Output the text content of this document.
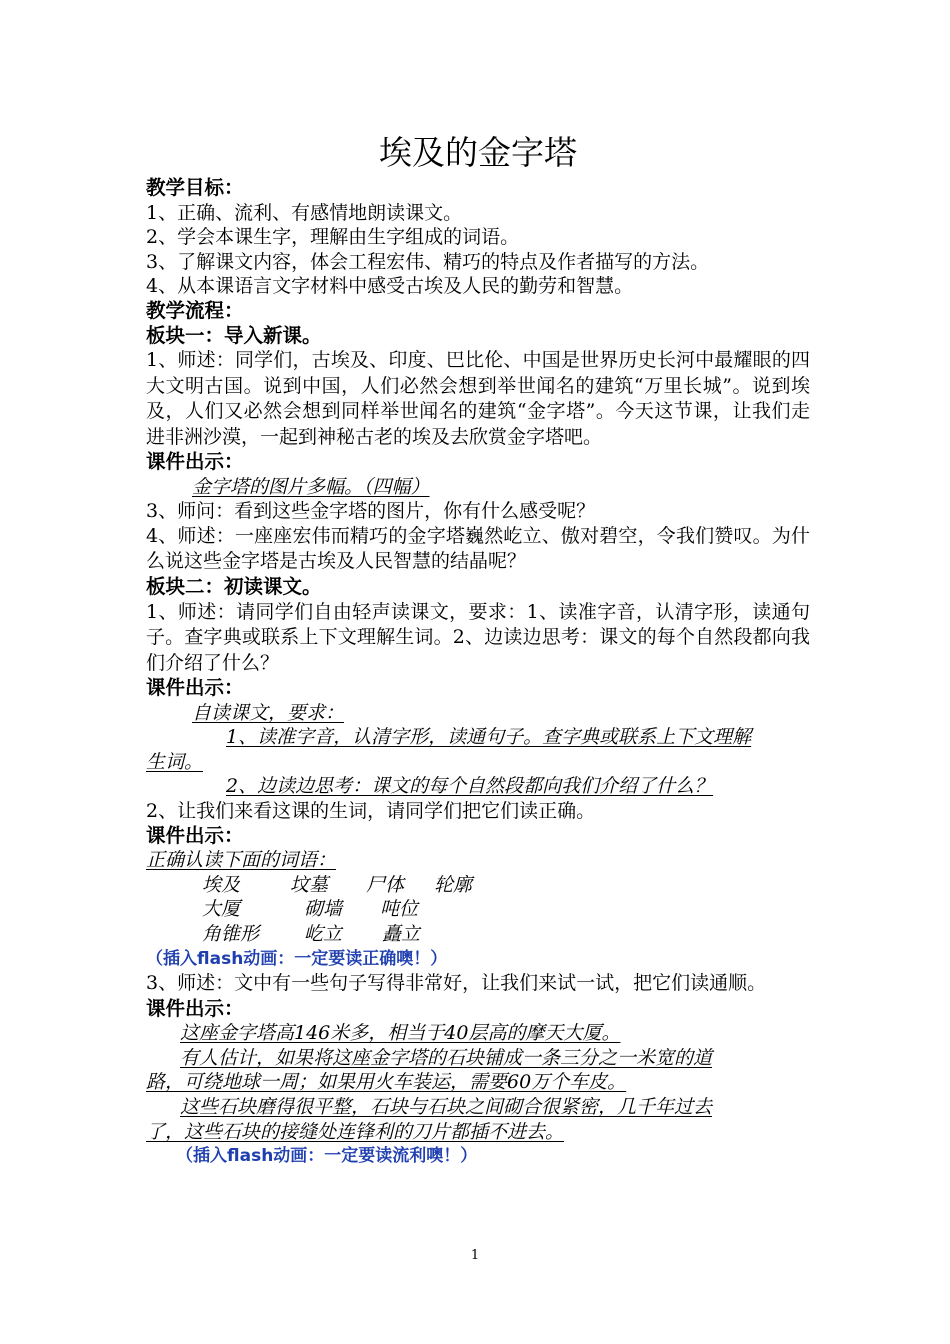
埃及的金字塔
教学目标：
1、正确、流利、有感情地朗读课文。
2、学会本课生字，理解由生字组成的词语。
3、了解课文内容，体会工程宏伟、精巧的特点及作者描写的方法。
4、从本课语言文字材料中感受古埃及人民的勤劳和智慧。
教学流程：
板块一：导入新课。
1、师述：同学们，古埃及、印度、巴比伦、中国是世界历史长河中最耀眼的四大文明古国。说到中国，人们必然会想到举世闻名的建筑“万里长城”。说到埃及，人们又必然会想到同样举世闻名的建筑“金字塔”。今天这节课，让我们走进非洲沙漠，一起到神秘古老的埃及去欣赏金字塔吧。
课件出示：
金字塔的图片多幅。（四幅）
3、师问：看到这些金字塔的图片，你有什么感受呢？
4、师述：一座座宏伟而精巧的金字塔巍然屹立、傲对碧空，令我们赞叹。为什么说这些金字塔是古埃及人民智慧的结晶呢？
板块二：初读课文。
1、师述：请同学们自由轻声读课文，要求：1、读准字音，认清字形，读通句子。查字典或联系上下文理解生词。2、边读边思考：课文的每个自然段都向我们介绍了什么？
课件出示：
自读课文，要求：
1、读准字音，认清字形，读通句子。查字典或联系上下文理解
生词。
2、边读边思考：课文的每个自然段都向我们介绍了什么？
2、让我们来看这课的生词，请同学们把它们读正确。
课件出示：
正确认读下面的词语：
埃及	坟墓 尸体 轮廓
大厦	砌墙 吨位
角锥形 屹立 矗立
（插入flash动画：一定要读正确噢！）
3、师述：文中有一些句子写得非常好，让我们来试一试，把它们读通顺。
课件出示：
这座金字塔高146米多，相当于40层高的摩天大厦。
有人估计，如果将这座金字塔的石块铺成一条三分之一米宽的道
路，可绕地球一周；如果用火车装运，需要60万个车皮。
这些石块磨得很平整，石块与石块之间砌合很紧密，几千年过去
了，这些石块的接缝处连锋利的刀片都插不进去。
（插入flash动画：一定要读流利噢！）
1
